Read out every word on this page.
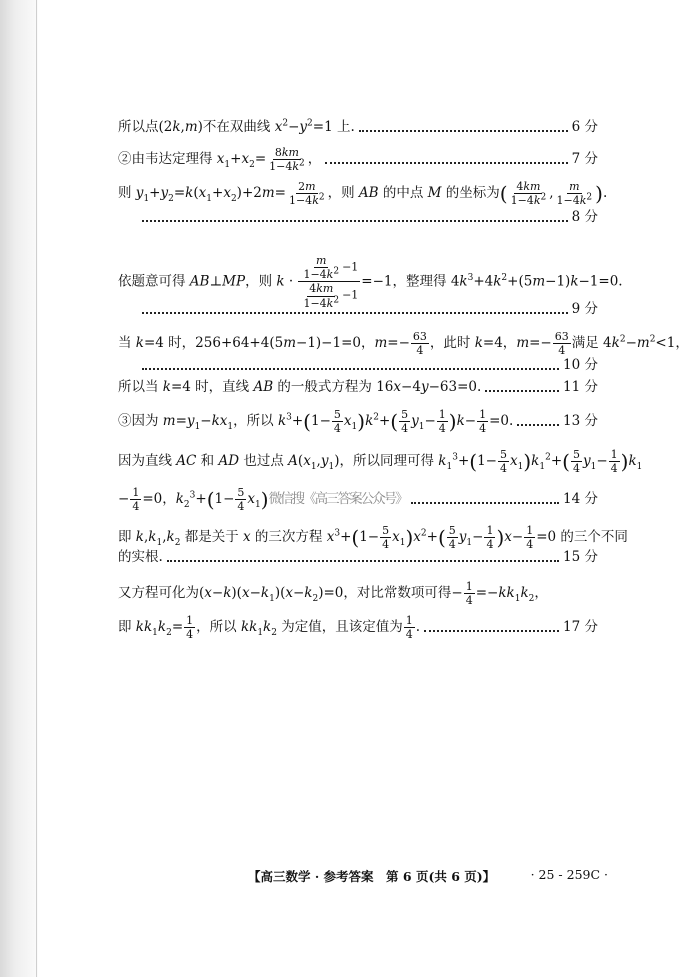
所以点(2k,m)不在双曲线 $x^2-y^2=1$ 上.	6 分
②由韦达定理得 $x_1+x_2= \frac{8km}{1-4k^2}$ ，	7 分
则 $y_1+y_2=k(x_1+x_2)+2m= \frac{2m}{1-4k^2}$ ，则 AB 的中点 M 的坐标为( $\frac{4km}{1-4k^2}$ , $\frac{m}{1-4k^2}$ ).
8 分
依题意可得 AB⊥MP，则 $k \cdot \frac{\frac{m}{1-4k^2} -1}{\frac{4km}{1-4k^2} -1} =-1$，整理得 $4k^3+4k^2+(5m-1)k-1=0$.
9 分
当 k=4 时，256+64+4(5m−1)−1=0，$m=- \frac{63}{4}$ ，此时 k=4，$m=- \frac{63}{4}$ 满足 $4k^2-m^2<1$，
10 分
所以当 k=4 时，直线 AB 的一般式方程为 16x−4y−63=0.	11 分
③因为 $m=y_1-kx_1$，所以 $k^3+(1- \frac{5}{4} x_1)k^2+( \frac{5}{4} y_1- \frac{1}{4} )k- \frac{1}{4} =0$.	13 分
因为直线 AC 和 AD 也过点 $A(x_1,y_1)$，所以同理可得 $k_1^3+(1- \frac{5}{4} x_1)k_1^2+( \frac{5}{4} y_1- \frac{1}{4} )k_1$
− $\frac{1}{4} =0$，$k_2^3+(1- \frac{5}{4} x_1)$微信搜《高三答案公众号》	14 分
即 $k,k_1,k_2$ 都是关于 x 的三次方程 $x^3+(1- \frac{5}{4} x_1)x^2+( \frac{5}{4} y_1- \frac{1}{4} )x- \frac{1}{4} =0$ 的三个不同
的实根.	15 分
又方程可化为$(x-k)(x-k_1)(x-k_2)=0$，对比常数项可得− $\frac{1}{4} =-kk_1k_2$，
即 $kk_1k_2= \frac{1}{4}$ ，所以 $kk_1k_2$ 为定值，且该定值为 $\frac{1}{4}$ .	17 分
【高三数学 · 参考答案　第 6 页(共 6 页)】	· 25 - 259C ·
